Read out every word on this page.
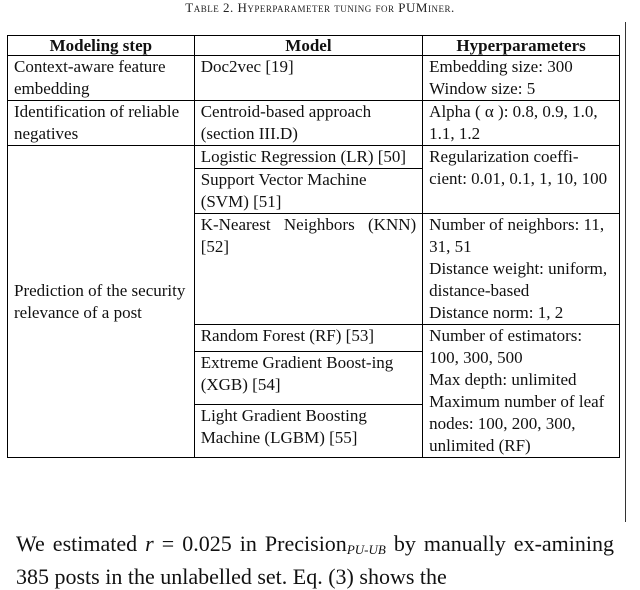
Table 2. Hyperparameter tuning for PUMiner.
Modeling step	Model	Hyperparameters
Context-aware feature embedding	Doc2vec [19]	Embedding size: 300
Window size: 5

Identification of reliable negatives	Centroid-based approach (section III.D)	Alpha ( α ): 0.8, 0.9, 1.0, 1.1, 1.2

Prediction of the security relevance of a post	Logistic Regression (LR) [50]	Regularization coeffi-cient: 0.01, 0.1, 1, 10, 100

	Support Vector Machine (SVM) [51]	

	K-Nearest Neighbors (KNN) [52]	Number of neighbors: 11, 31, 51
Distance weight: uniform, distance-based
Distance norm: 1, 2

	Random Forest (RF) [53]	Number of estimators: 100, 300, 500
Max depth: unlimited
Maximum number of leaf nodes: 100, 200, 300, unlimited (RF)

	Extreme Gradient Boost-ing (XGB) [54]	
	Light Gradient Boosting Machine (LGBM) [55]	

We estimated r = 0.025 in Precision$_{PU-UB}$ by manually ex-amining 385 posts in the unlabelled set. Eq. (3) shows the
